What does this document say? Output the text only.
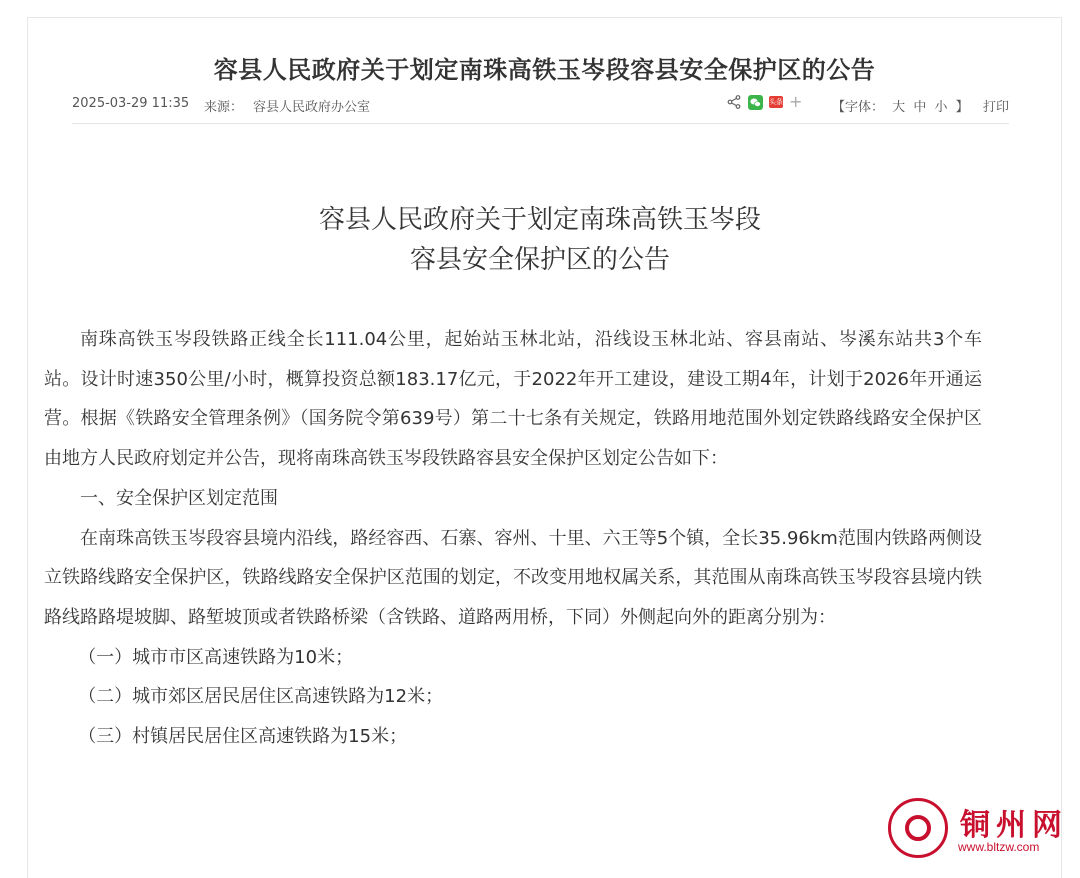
容县人民政府关于划定南珠高铁玉岑段容县安全保护区的公告
2025-03-29 11:35 来源： 容县人民政府办公室	头条 + 【字体： 大 中 小 】 打印
容县人民政府关于划定南珠高铁玉岑段
容县安全保护区的公告

南珠高铁玉岑段铁路正线全长111.04公里，起始站玉林北站，沿线设玉林北站、容县南站、岑溪东站共3个车站。设计时速350公里/小时，概算投资总额183.17亿元，于2022年开工建设，建设工期4年，计划于2026年开通运营。根据《铁路安全管理条例》（国务院令第639号）第二十七条有关规定，铁路用地范围外划定铁路线路安全保护区由地方人民政府划定并公告，现将南珠高铁玉岑段铁路容县安全保护区划定公告如下：

一、安全保护区划定范围

在南珠高铁玉岑段容县境内沿线，路经容西、石寨、容州、十里、六王等5个镇，全长35.96km范围内铁路两侧设立铁路线路安全保护区，铁路线路安全保护区范围的划定，不改变用地权属关系，其范围从南珠高铁玉岑段容县境内铁路线路路堤坡脚、路堑坡顶或者铁路桥梁（含铁路、道路两用桥，下同）外侧起向外的距离分别为：

（一）城市市区高速铁路为10米；

（二）城市郊区居民居住区高速铁路为12米；

（三）村镇居民居住区高速铁路为15米；

铜州网
www.bltzw.com
